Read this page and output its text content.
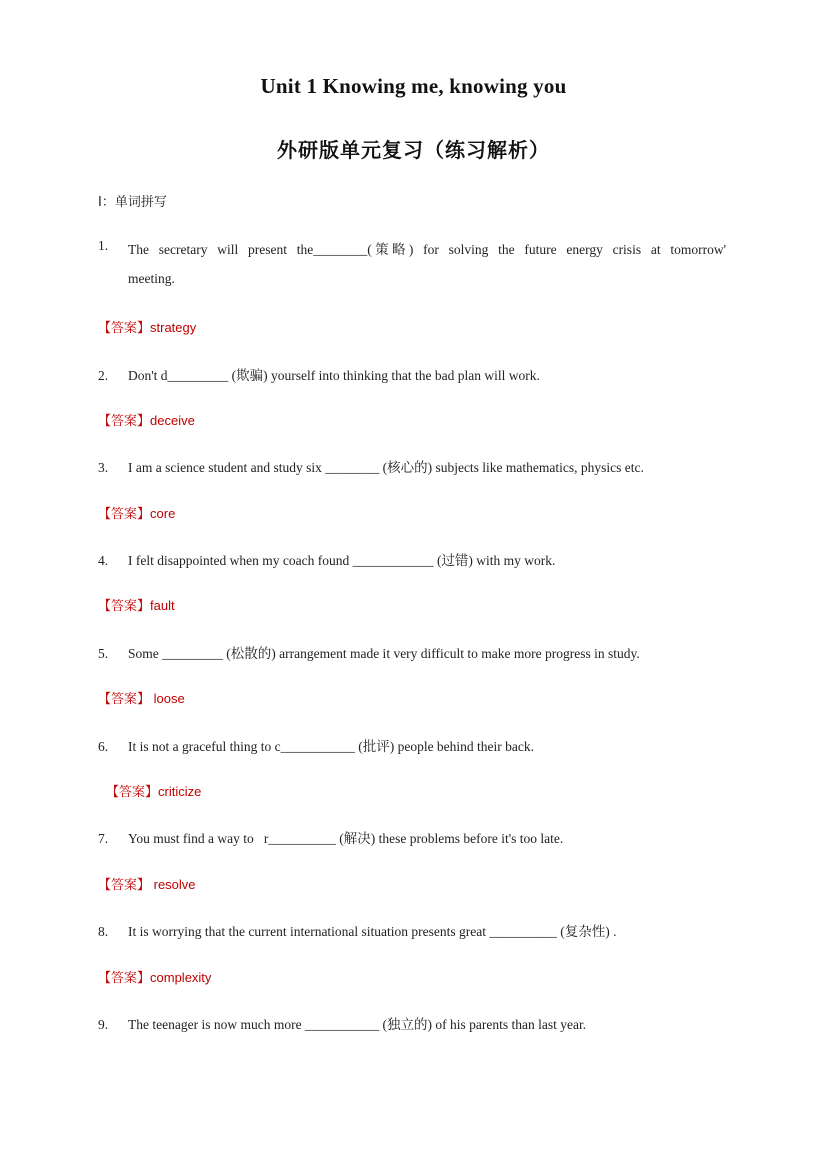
Unit 1 Knowing me, knowing you
外研版单元复习（练习解析）
I：单词拼写
1. The secretary will present the________(策略) for solving the future energy crisis at tomorrow'
meeting.
【答案】strategy
2. Don't d_________ (欺骗) yourself into thinking that the bad plan will work.
【答案】deceive
3. I am a science student and study six ________ (核心的) subjects like mathematics, physics etc.
【答案】core
4. I felt disappointed when my coach found ____________ (过错) with my work.
【答案】fault
5. Some _________ (松散的) arrangement made it very difficult to make more progress in study.
【答案】 loose
6. It is not a graceful thing to c___________ (批评) people behind their back.
【答案】criticize
7. You must find a way to   r__________ (解决) these problems before it's too late.
【答案】 resolve
8. It is worrying that the current international situation presents great __________ (复杂性) .
【答案】complexity
9. The teenager is now much more ___________ (独立的) of his parents than last year.
